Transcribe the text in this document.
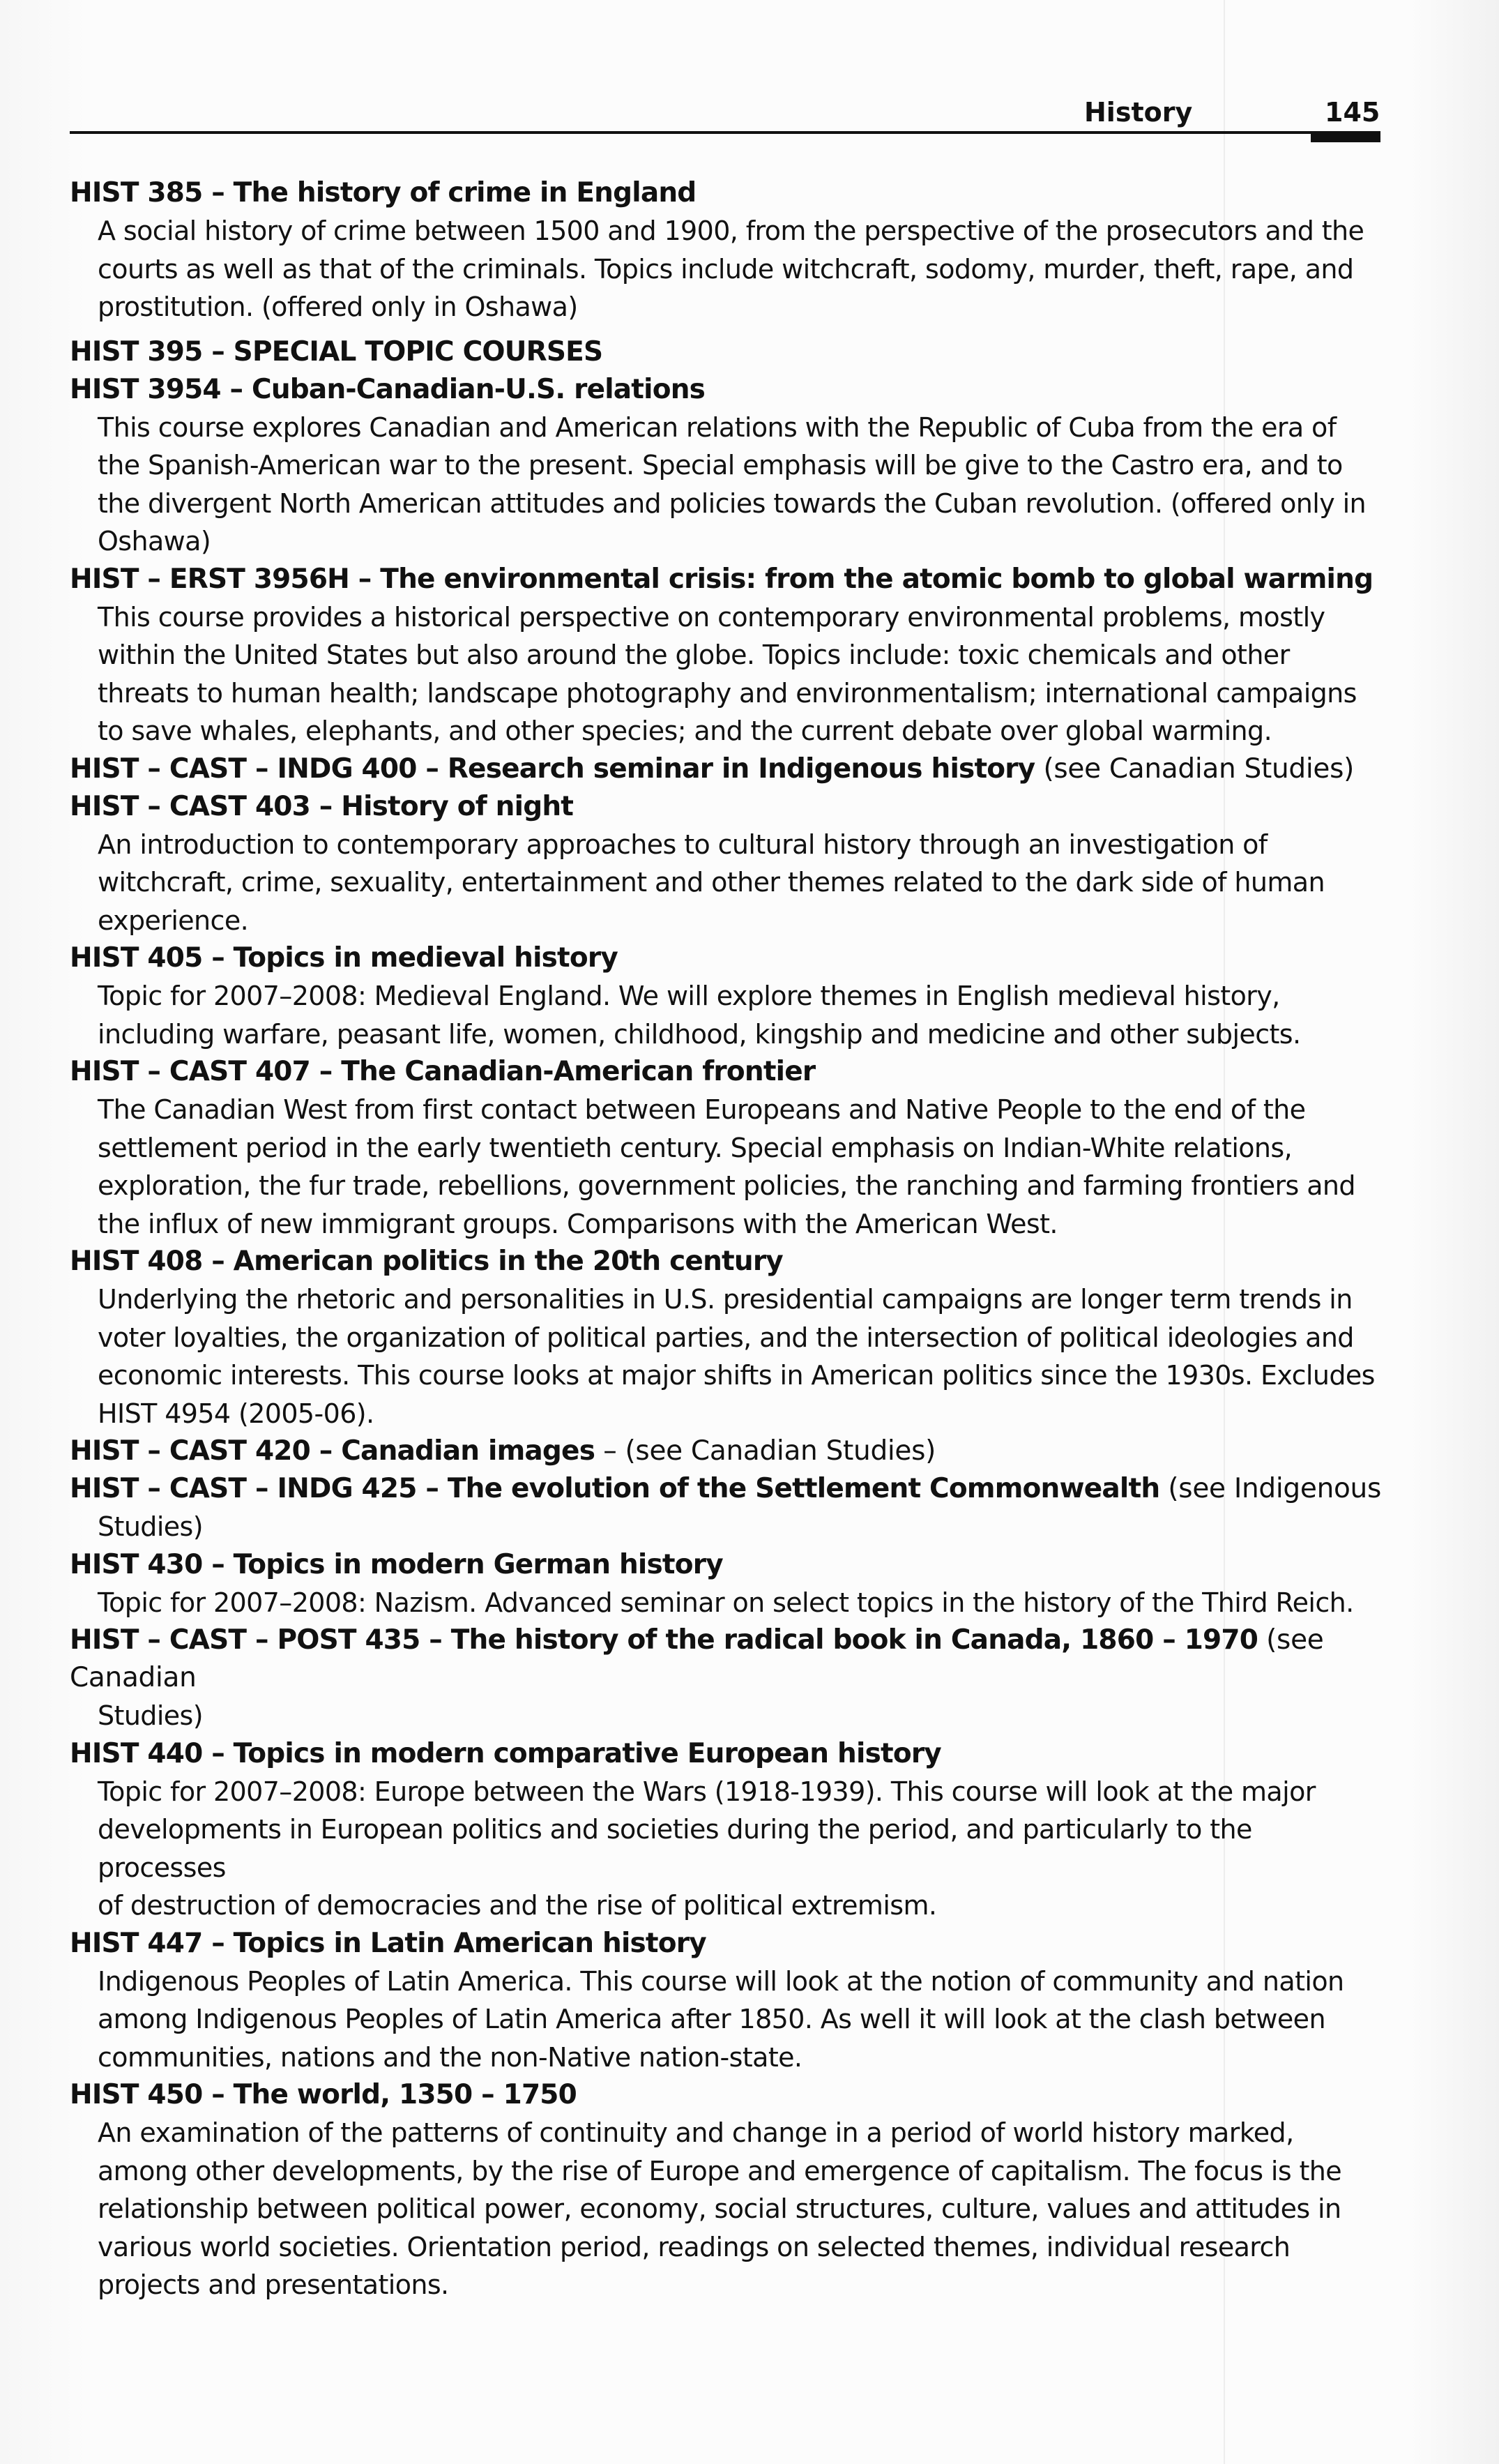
History	145

HIST 385 – The history of crime in England

A social history of crime between 1500 and 1900, from the perspective of the prosecutors and the

courts as well as that of the criminals. Topics include witchcraft, sodomy, murder, theft, rape, and

prostitution. (offered only in Oshawa)

HIST 395 – SPECIAL TOPIC COURSES

HIST 3954 – Cuban-Canadian-U.S. relations

This course explores Canadian and American relations with the Republic of Cuba from the era of

the Spanish-American war to the present. Special emphasis will be give to the Castro era, and to

the divergent North American attitudes and policies towards the Cuban revolution. (offered only in

Oshawa)

HIST – ERST 3956H – The environmental crisis: from the atomic bomb to global warming

This course provides a historical perspective on contemporary environmental problems, mostly

within the United States but also around the globe. Topics include: toxic chemicals and other

threats to human health; landscape photography and environmentalism; international campaigns

to save whales, elephants, and other species; and the current debate over global warming.

HIST – CAST – INDG 400 – Research seminar in Indigenous history (see Canadian Studies)

HIST – CAST 403 – History of night

An introduction to contemporary approaches to cultural history through an investigation of

witchcraft, crime, sexuality, entertainment and other themes related to the dark side of human

experience.

HIST 405 – Topics in medieval history

Topic for 2007–2008: Medieval England. We will explore themes in English medieval history,

including warfare, peasant life, women, childhood, kingship and medicine and other subjects.

HIST – CAST 407 – The Canadian-American frontier

The Canadian West from first contact between Europeans and Native People to the end of the

settlement period in the early twentieth century. Special emphasis on Indian-White relations,

exploration, the fur trade, rebellions, government policies, the ranching and farming frontiers and

the influx of new immigrant groups. Comparisons with the American West.

HIST 408 – American politics in the 20th century

Underlying the rhetoric and personalities in U.S. presidential campaigns are longer term trends in

voter loyalties, the organization of political parties, and the intersection of political ideologies and

economic interests. This course looks at major shifts in American politics since the 1930s. Excludes

HIST 4954 (2005-06).

HIST – CAST 420 – Canadian images – (see Canadian Studies)

HIST – CAST – INDG 425 – The evolution of the Settlement Commonwealth (see Indigenous

Studies)

HIST 430 – Topics in modern German history

Topic for 2007–2008: Nazism. Advanced seminar on select topics in the history of the Third Reich.

HIST – CAST – POST 435 – The history of the radical book in Canada, 1860 – 1970 (see Canadian

Studies)

HIST 440 – Topics in modern comparative European history

Topic for 2007–2008: Europe between the Wars (1918-1939). This course will look at the major

developments in European politics and societies during the period, and particularly to the processes

of destruction of democracies and the rise of political extremism.

HIST 447 – Topics in Latin American history

Indigenous Peoples of Latin America. This course will look at the notion of community and nation

among Indigenous Peoples of Latin America after 1850. As well it will look at the clash between

communities, nations and the non-Native nation-state.

HIST 450 – The world, 1350 – 1750

An examination of the patterns of continuity and change in a period of world history marked,

among other developments, by the rise of Europe and emergence of capitalism. The focus is the

relationship between political power, economy, social structures, culture, values and attitudes in

various world societies. Orientation period, readings on selected themes, individual research

projects and presentations.
